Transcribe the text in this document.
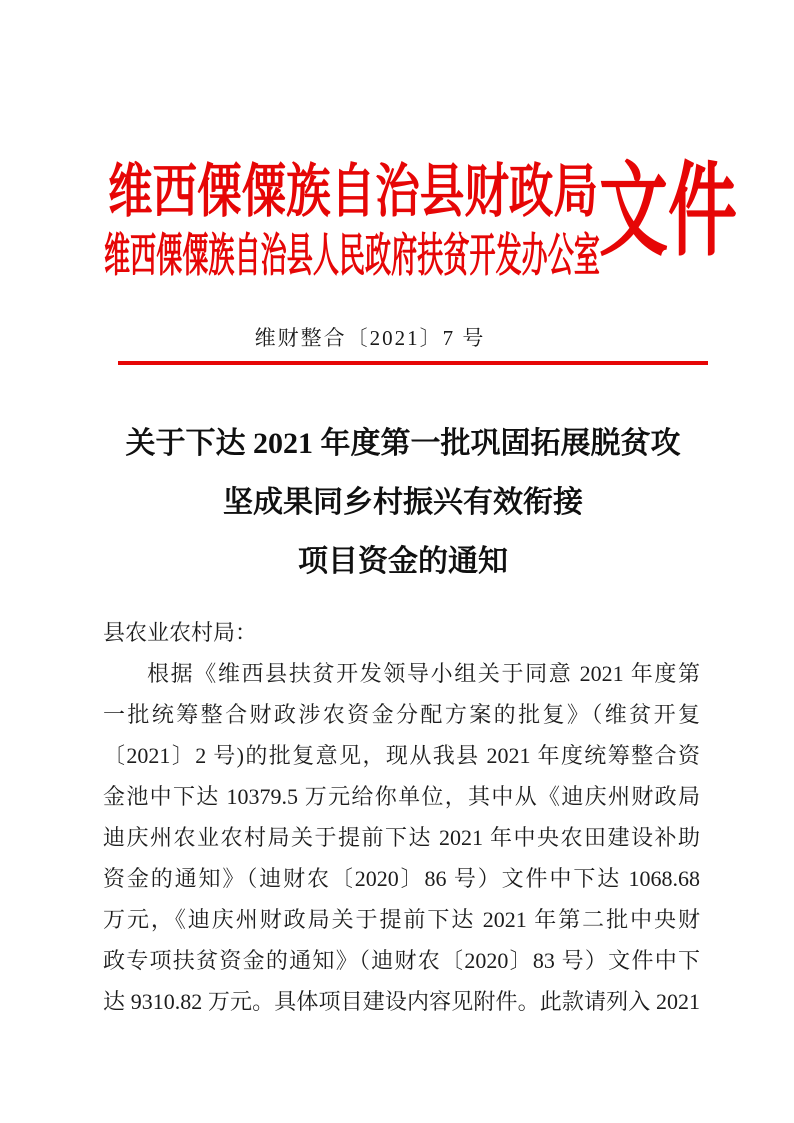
维西傈僳族自治县财政局
维西傈僳族自治县人民政府扶贫开发办公室 文件
维财整合〔2021〕7 号
关于下达 2021 年度第一批巩固拓展脱贫攻
坚成果同乡村振兴有效衔接
项目资金的通知
县农业农村局：
根据《维西县扶贫开发领导小组关于同意 2021 年度第
一批统筹整合财政涉农资金分配方案的批复》（维贫开复
〔2021〕2 号)的批复意见，现从我县 2021 年度统筹整合资
金池中下达 10379.5 万元给你单位，其中从《迪庆州财政局
迪庆州农业农村局关于提前下达 2021 年中央农田建设补助
资金的通知》（迪财农〔2020〕86 号）文件中下达 1068.68
万元，《迪庆州财政局关于提前下达 2021 年第二批中央财
政专项扶贫资金的通知》（迪财农〔2020〕83 号）文件中下
达 9310.82 万元。具体项目建设内容见附件。此款请列入 2021
